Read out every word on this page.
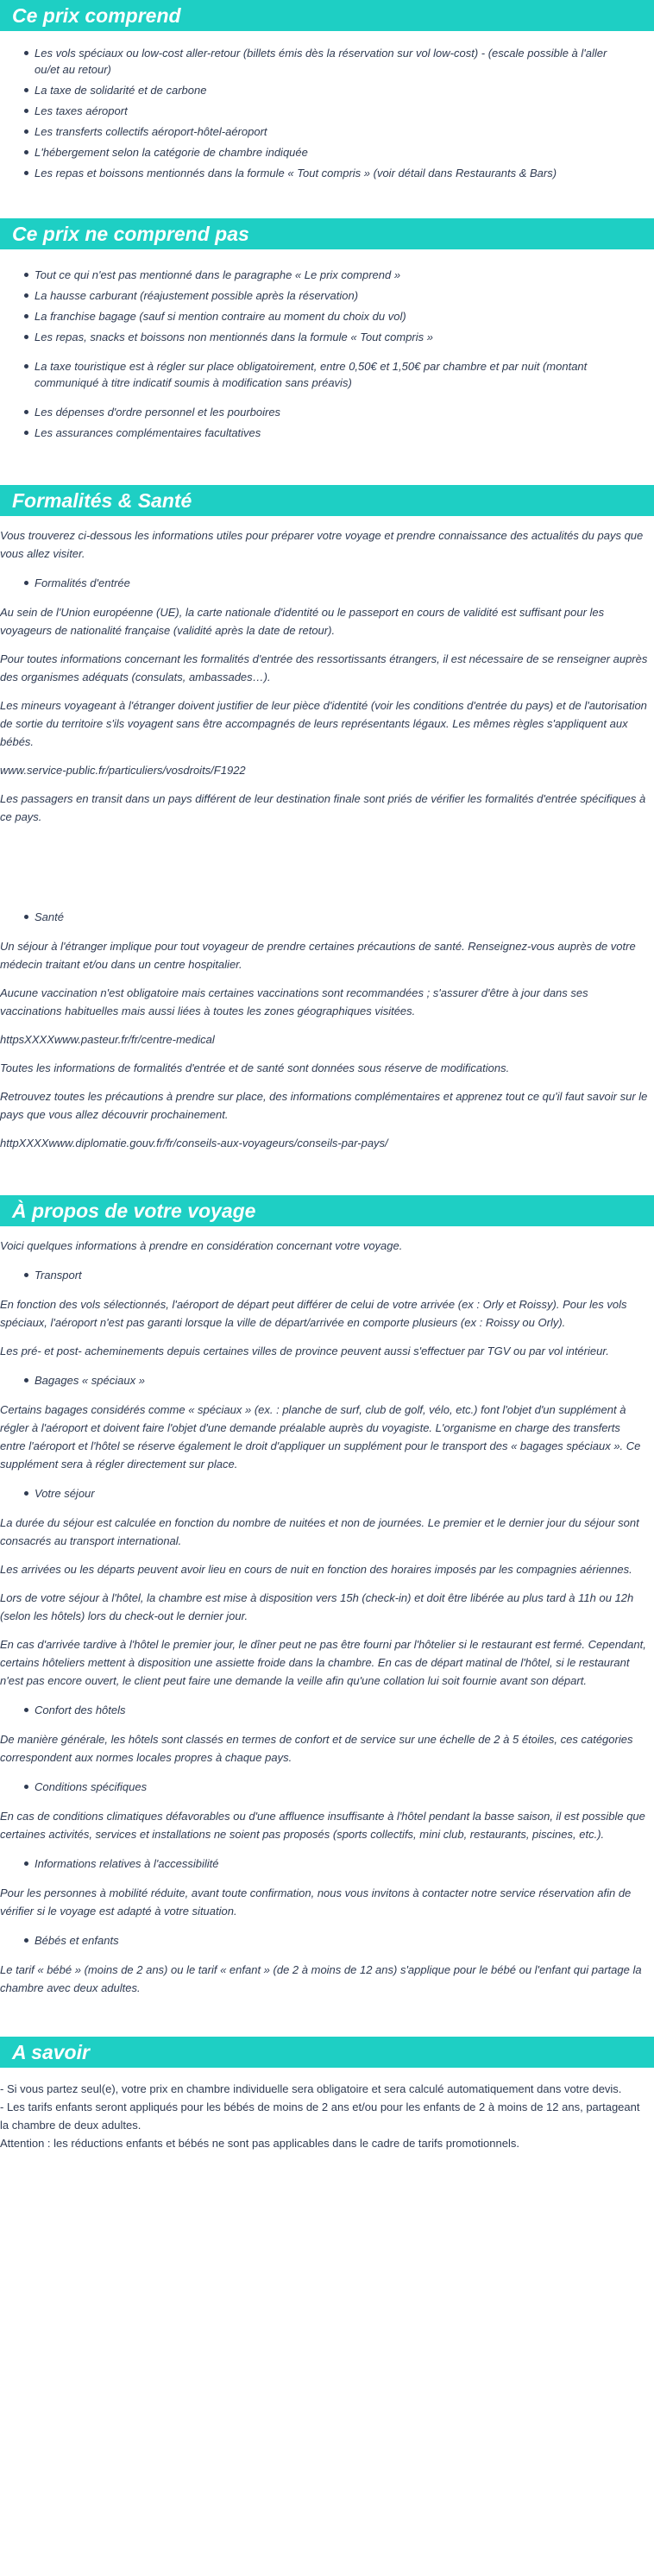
Ce prix comprend
Les vols spéciaux ou low-cost aller-retour (billets émis dès la réservation sur vol low-cost) - (escale possible à l'aller ou/et au retour)
La taxe de solidarité et de carbone
Les taxes aéroport
Les transferts collectifs aéroport-hôtel-aéroport
L'hébergement selon la catégorie de chambre indiquée
Les repas et boissons mentionnés dans la formule « Tout compris » (voir détail dans Restaurants & Bars)
Ce prix ne comprend pas
Tout ce qui n'est pas mentionné dans le paragraphe « Le prix comprend »
La hausse carburant (réajustement possible après la réservation)
La franchise bagage (sauf si mention contraire au moment du choix du vol)
Les repas, snacks et boissons non mentionnés dans la formule « Tout compris »
La taxe touristique est à régler sur place obligatoirement, entre 0,50€ et 1,50€ par chambre et par nuit (montant communiqué à titre indicatif soumis à modification sans préavis)
Les dépenses d'ordre personnel et les pourboires
Les assurances complémentaires facultatives
Formalités & Santé

Vous trouverez ci-dessous les informations utiles pour préparer votre voyage et prendre connaissance des actualités du pays que vous allez visiter.

Formalités d'entrée

Au sein de l'Union européenne (UE), la carte nationale d'identité ou le passeport en cours de validité est suffisant pour les voyageurs de nationalité française (validité après la date de retour).

Pour toutes informations concernant les formalités d'entrée des ressortissants étrangers, il est nécessaire de se renseigner auprès des organismes adéquats (consulats, ambassades…).

Les mineurs voyageant à l'étranger doivent justifier de leur pièce d'identité (voir les conditions d'entrée du pays) et de l'autorisation de sortie du territoire s'ils voyagent sans être accompagnés de leurs représentants légaux. Les mêmes règles s'appliquent aux bébés.

www.service-public.fr/particuliers/vosdroits/F1922

Les passagers en transit dans un pays différent de leur destination finale sont priés de vérifier les formalités d'entrée spécifiques à ce pays.

Santé

Un séjour à l'étranger implique pour tout voyageur de prendre certaines précautions de santé. Renseignez-vous auprès de votre médecin traitant et/ou dans un centre hospitalier.

Aucune vaccination n'est obligatoire mais certaines vaccinations sont recommandées ; s'assurer d'être à jour dans ses vaccinations habituelles mais aussi liées à toutes les zones géographiques visitées.

httpsXXXXwww.pasteur.fr/fr/centre-medical

Toutes les informations de formalités d'entrée et de santé sont données sous réserve de modifications.

Retrouvez toutes les précautions à prendre sur place, des informations complémentaires et apprenez tout ce qu'il faut savoir sur le pays que vous allez découvrir prochainement.

httpXXXXwww.diplomatie.gouv.fr/fr/conseils-aux-voyageurs/conseils-par-pays/

À propos de votre voyage

Voici quelques informations à prendre en considération concernant votre voyage.

Transport

En fonction des vols sélectionnés, l'aéroport de départ peut différer de celui de votre arrivée (ex : Orly et Roissy). Pour les vols spéciaux, l'aéroport n'est pas garanti lorsque la ville de départ/arrivée en comporte plusieurs (ex : Roissy ou Orly).

Les pré- et post- acheminements depuis certaines villes de province peuvent aussi s'effectuer par TGV ou par vol intérieur.

Bagages « spéciaux »

Certains bagages considérés comme « spéciaux » (ex. : planche de surf, club de golf, vélo, etc.) font l'objet d'un supplément à régler à l'aéroport et doivent faire l'objet d'une demande préalable auprès du voyagiste. L'organisme en charge des transferts entre l'aéroport et l'hôtel se réserve également le droit d'appliquer un supplément pour le transport des « bagages spéciaux ». Ce supplément sera à régler directement sur place.

Votre séjour

La durée du séjour est calculée en fonction du nombre de nuitées et non de journées. Le premier et le dernier jour du séjour sont consacrés au transport international.

Les arrivées ou les départs peuvent avoir lieu en cours de nuit en fonction des horaires imposés par les compagnies aériennes.

Lors de votre séjour à l'hôtel, la chambre est mise à disposition vers 15h (check-in) et doit être libérée au plus tard à 11h ou 12h (selon les hôtels) lors du check-out le dernier jour.

En cas d'arrivée tardive à l'hôtel le premier jour, le dîner peut ne pas être fourni par l'hôtelier si le restaurant est fermé. Cependant, certains hôteliers mettent à disposition une assiette froide dans la chambre. En cas de départ matinal de l'hôtel, si le restaurant n'est pas encore ouvert, le client peut faire une demande la veille afin qu'une collation lui soit fournie avant son départ.

Confort des hôtels

De manière générale, les hôtels sont classés en termes de confort et de service sur une échelle de 2 à 5 étoiles, ces catégories correspondent aux normes locales propres à chaque pays.

Conditions spécifiques

En cas de conditions climatiques défavorables ou d'une affluence insuffisante à l'hôtel pendant la basse saison, il est possible que certaines activités, services et installations ne soient pas proposés (sports collectifs, mini club, restaurants, piscines, etc.).

Informations relatives à l'accessibilité

Pour les personnes à mobilité réduite, avant toute confirmation, nous vous invitons à contacter notre service réservation afin de vérifier si le voyage est adapté à votre situation.

Bébés et enfants

Le tarif « bébé » (moins de 2 ans) ou le tarif « enfant » (de 2 à moins de 12 ans) s'applique pour le bébé ou l'enfant qui partage la chambre avec deux adultes.

A savoir

- Si vous partez seul(e), votre prix en chambre individuelle sera obligatoire et sera calculé automatiquement dans votre devis.

- Les tarifs enfants seront appliqués pour les bébés de moins de 2 ans et/ou pour les enfants de 2 à moins de 12 ans, partageant la chambre de deux adultes.

Attention : les réductions enfants et bébés ne sont pas applicables dans le cadre de tarifs promotionnels.
